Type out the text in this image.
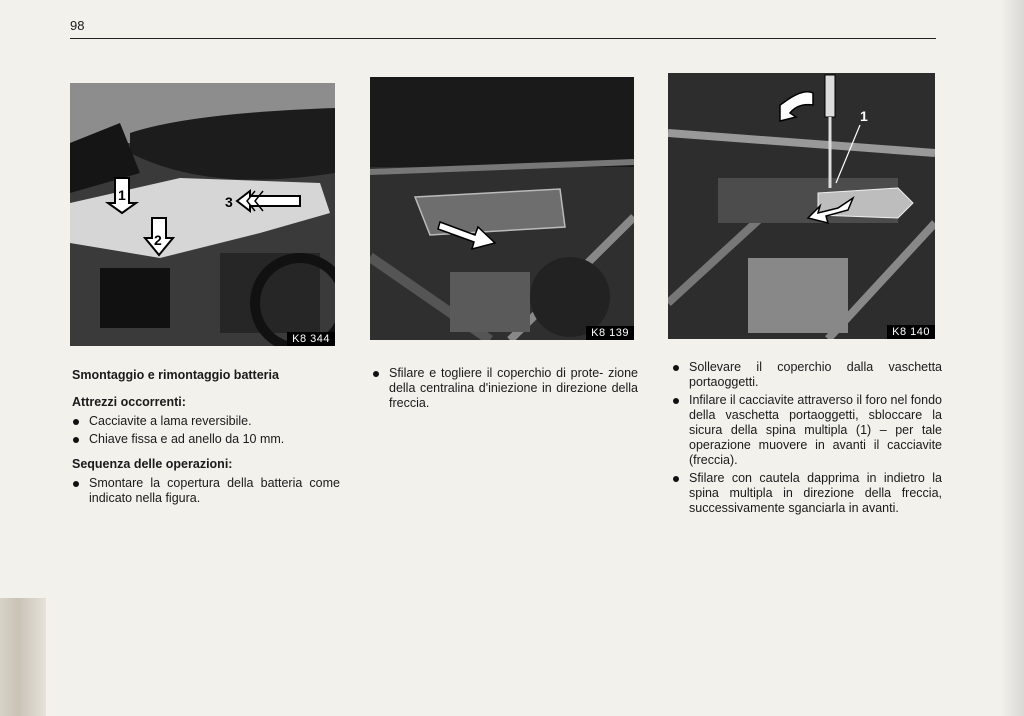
98
1
2
3
K8 344	K8 139
1
K8 140
Smontaggio e rimontaggio batteria
Attrezzi occorrenti:
Cacciavite a lama reversibile.
Chiave fissa e ad anello da 10 mm.
Sequenza delle operazioni:
Smontare la copertura della batteria come indicato nella figura.
Sfilare e togliere il coperchio di prote- zione della centralina d'iniezione in direzione della freccia.
Sollevare il coperchio dalla vaschetta portaoggetti.
Infilare il cacciavite attraverso il foro nel fondo della vaschetta portaoggetti, sbloccare la sicura della spina multipla (1) – per tale operazione muovere in avanti il cacciavite (freccia).
Sfilare con cautela dapprima in indietro la spina multipla in direzione della freccia, successivamente sganciarla in avanti.
